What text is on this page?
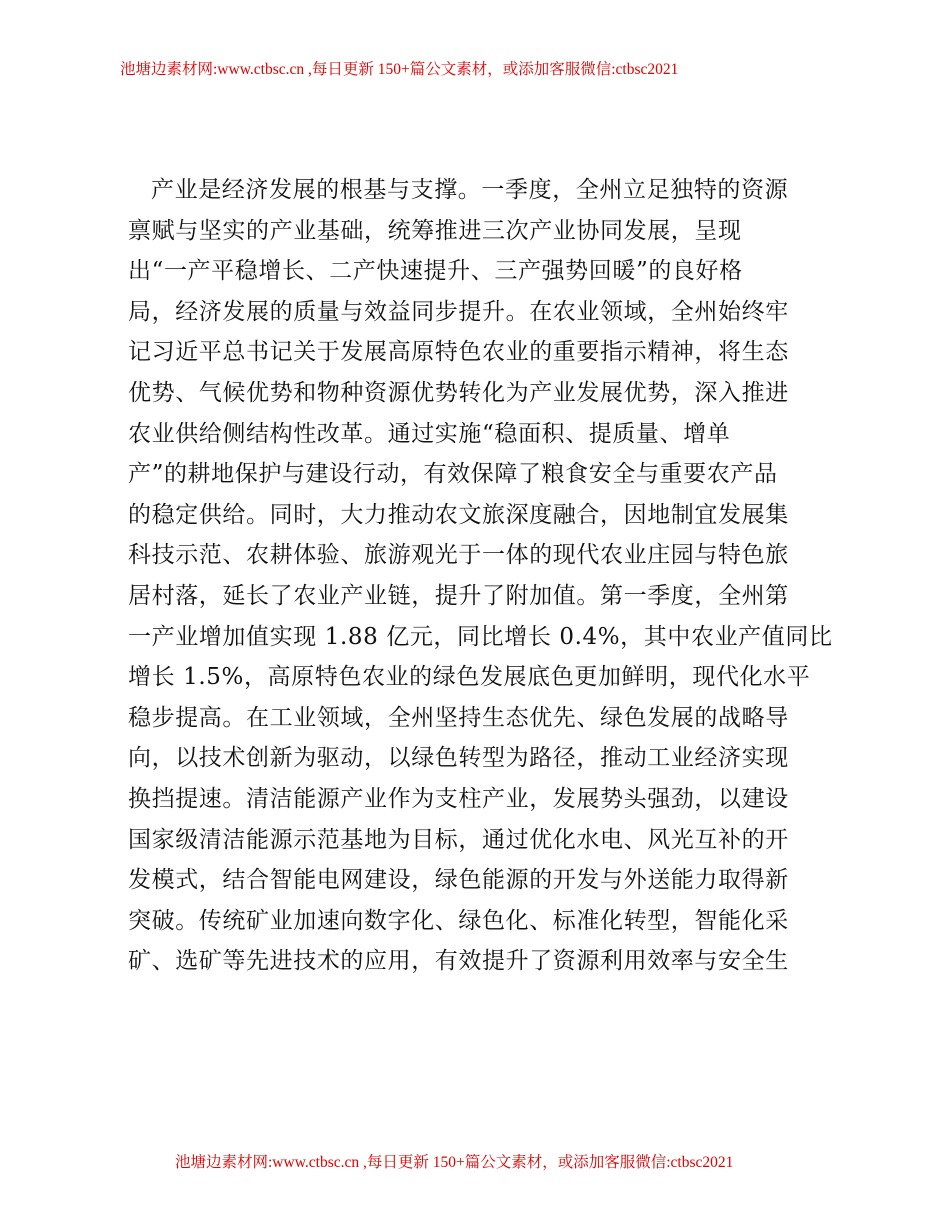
池塘边素材网:www.ctbsc.cn ,每日更新 150+篇公文素材，或添加客服微信:ctbsc2021
产业是经济发展的根基与支撑。一季度，全州立足独特的资源
禀赋与坚实的产业基础，统筹推进三次产业协同发展，呈现
出“一产平稳增长、二产快速提升、三产强势回暖”的良好格
局，经济发展的质量与效益同步提升。在农业领域，全州始终牢
记习近平总书记关于发展高原特色农业的重要指示精神，将生态
优势、气候优势和物种资源优势转化为产业发展优势，深入推进
农业供给侧结构性改革。通过实施“稳面积、提质量、增单
产”的耕地保护与建设行动，有效保障了粮食安全与重要农产品
的稳定供给。同时，大力推动农文旅深度融合，因地制宜发展集
科技示范、农耕体验、旅游观光于一体的现代农业庄园与特色旅
居村落，延长了农业产业链，提升了附加值。第一季度，全州第
一产业增加值实现 1.88 亿元，同比增长 0.4%，其中农业产值同比
增长 1.5%，高原特色农业的绿色发展底色更加鲜明，现代化水平
稳步提高。在工业领域，全州坚持生态优先、绿色发展的战略导
向，以技术创新为驱动，以绿色转型为路径，推动工业经济实现
换挡提速。清洁能源产业作为支柱产业，发展势头强劲，以建设
国家级清洁能源示范基地为目标，通过优化水电、风光互补的开
发模式，结合智能电网建设，绿色能源的开发与外送能力取得新
突破。传统矿业加速向数字化、绿色化、标准化转型，智能化采
矿、选矿等先进技术的应用，有效提升了资源利用效率与安全生
池塘边素材网:www.ctbsc.cn ,每日更新 150+篇公文素材，或添加客服微信:ctbsc2021
